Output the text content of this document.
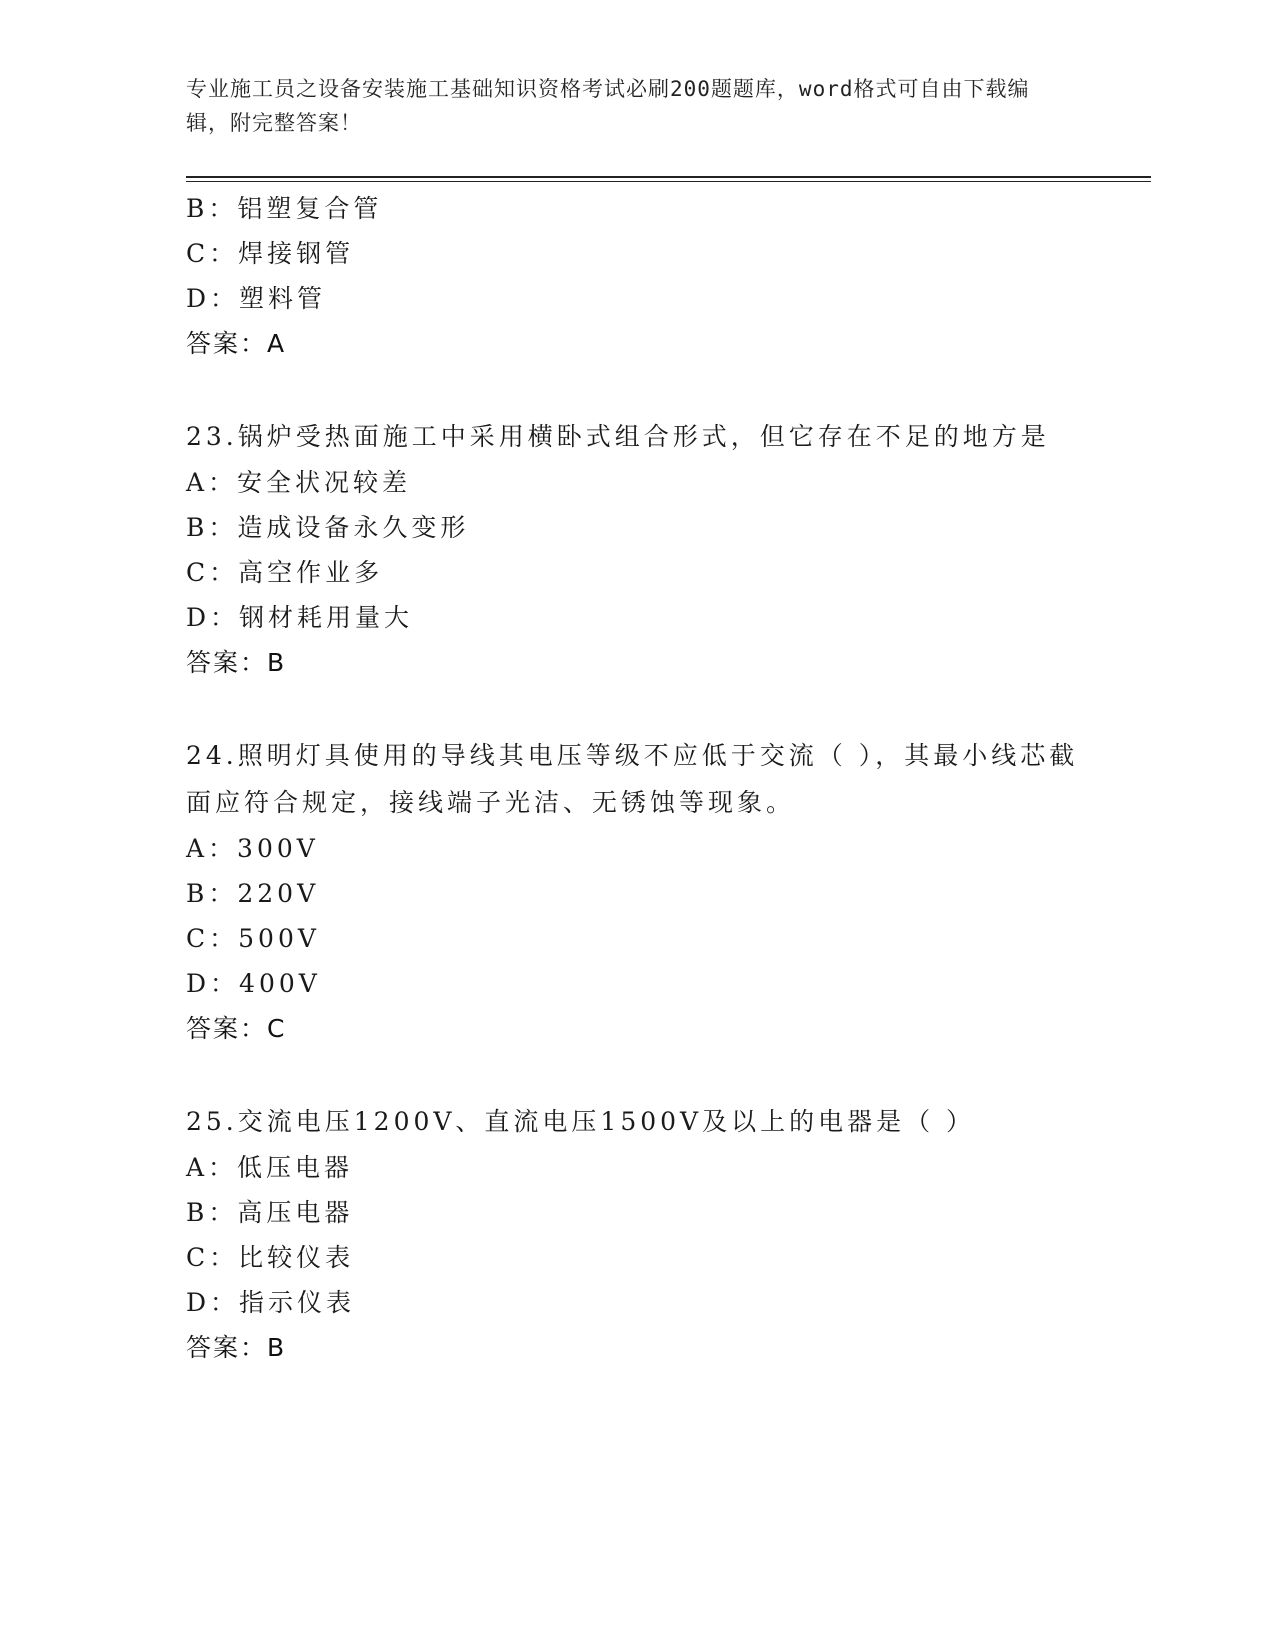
专业施工员之设备安装施工基础知识资格考试必刷200题题库，word格式可自由下载编辑，附完整答案！
B：铝塑复合管
C：焊接钢管
D：塑料管
答案：A
23.锅炉受热面施工中采用横卧式组合形式，但它存在不足的地方是
A：安全状况较差
B：造成设备永久变形
C：高空作业多
D：钢材耗用量大
答案：B
24.照明灯具使用的导线其电压等级不应低于交流（ ），其最小线芯截面应符合规定，接线端子光洁、无锈蚀等现象。
A：300V
B：220V
C：500V
D：400V
答案：C
25.交流电压1200V、直流电压1500V及以上的电器是（ ）
A：低压电器
B：高压电器
C：比较仪表
D：指示仪表
答案：B
